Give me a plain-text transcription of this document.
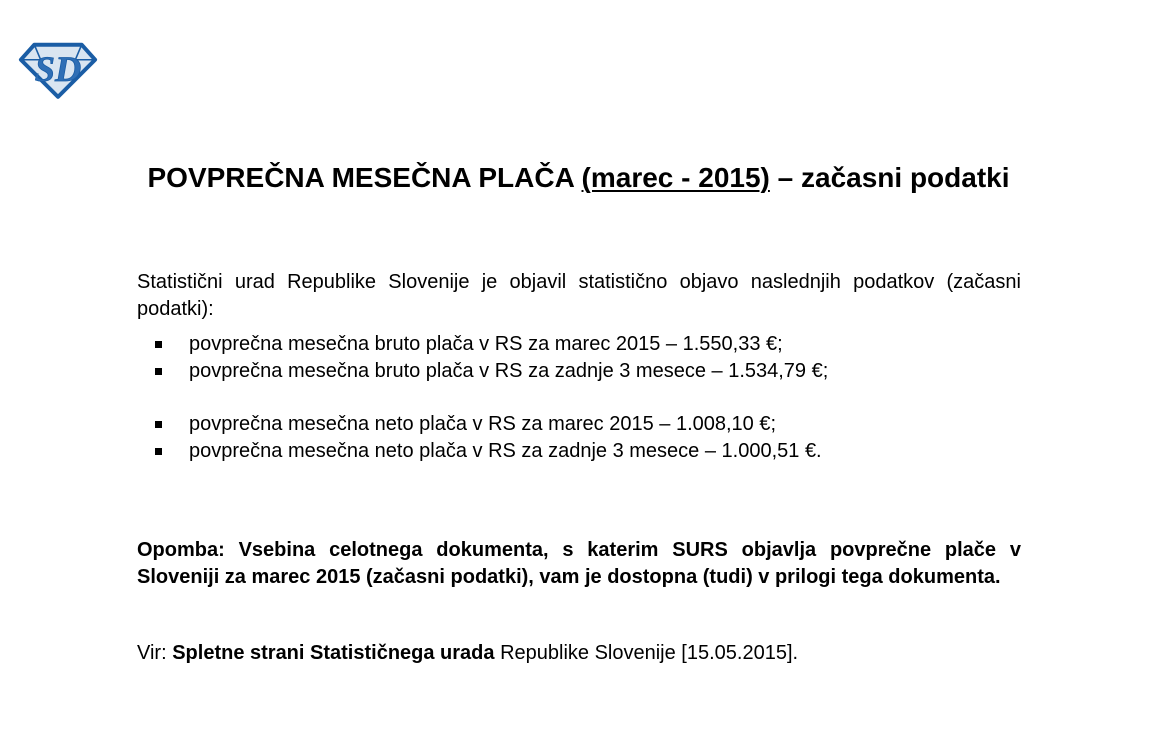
SD
POVPREČNA MESEČNA PLAČA (marec - 2015) – začasni podatki

Statistični urad Republike Slovenije je objavil statistično objavo naslednjih podatkov (začasni podatki):

povprečna mesečna bruto plača v RS za marec 2015 – 1.550,33 €;
povprečna mesečna bruto plača v RS za zadnje 3 mesece – 1.534,79 €;
povprečna mesečna neto plača v RS za marec 2015 – 1.008,10 €;
povprečna mesečna neto plača v RS za zadnje 3 mesece – 1.000,51 €.

Opomba: Vsebina celotnega dokumenta, s katerim SURS objavlja povprečne plače v Sloveniji za marec 2015 (začasni podatki), vam je dostopna (tudi) v prilogi tega dokumenta.

Vir: Spletne strani Statističnega urada Republike Slovenije [15.05.2015].
